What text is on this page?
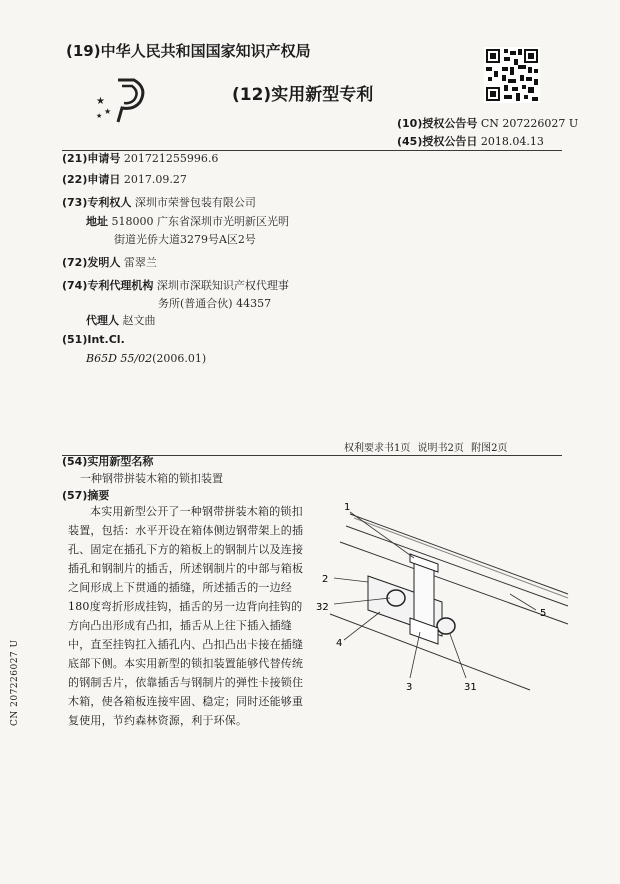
(19)中华人民共和国国家知识产权局
★
★
★
(12)实用新型专利
(10)授权公告号 CN 207226027 U
(45)授权公告日 2018.04.13
(21)申请号 201721255996.6
(22)申请日 2017.09.27
(73)专利权人 深圳市荣誉包装有限公司
地址 518000 广东省深圳市光明新区光明
街道光侨大道3279号A区2号
(72)发明人 雷翠兰
(74)专利代理机构 深圳市深联知识产权代理事
务所(普通合伙) 44357
代理人 赵文曲
(51)Int.Cl.
B65D 55/02(2006.01)
权利要求书1页 说明书2页 附图2页
(54)实用新型名称
一种钢带拼装木箱的锁扣装置
(57)摘要
本实用新型公开了一种钢带拼装木箱的锁扣装置，包括：水平开设在箱体侧边钢带架上的插孔、固定在插孔下方的箱板上的钢制片以及连接插孔和钢制片的插舌，所述钢制片的中部与箱板之间形成上下贯通的插缝，所述插舌的一边经180度弯折形成挂钩，插舌的另一边背向挂钩的方向凸出形成有凸扣，插舌从上往下插入插缝中，直至挂钩扛入插孔内、凸扣凸出卡接在插缝底部下侧。本实用新型的锁扣装置能够代替传统的钢制舌片，依靠插舌与钢制片的弹性卡接锁住木箱，使各箱板连接牢固、稳定；同时还能够重复使用，节约森林资源，利于环保。
CN 207226027 U
1
2
32
4
3	31
5
